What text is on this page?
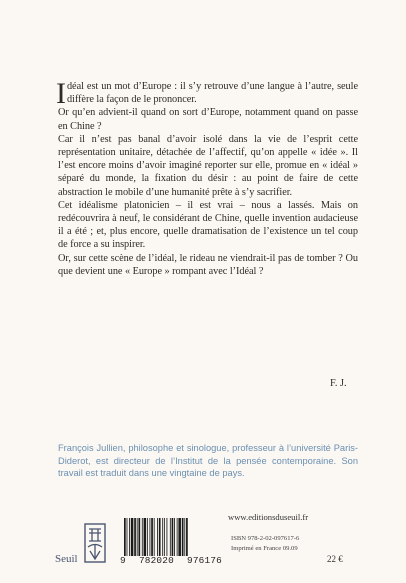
Idéal est un mot d’Europe : il s’y retrouve d’une langue à l’autre, seule diffère la façon de le prononcer.

Or qu’en advient-il quand on sort d’Europe, notamment quand on passe en Chine ?

Car il n’est pas banal d’avoir isolé dans la vie de l’esprit cette représentation unitaire, détachée de l’affectif, qu’on appelle « idée ». Il l’est encore moins d’avoir imaginé reporter sur elle, promue en « idéal » séparé du monde, la fixation du désir : au point de faire de cette abstraction le mobile d’une humanité prête à s’y sacrifier.

Cet idéalisme platonicien – il est vrai – nous a lassés. Mais on redécouvrira à neuf, le considérant de Chine, quelle invention audacieuse il a été ; et, plus encore, quelle dramatisation de l’existence un tel coup de force a su inspirer.

Or, sur cette scène de l’idéal, le rideau ne viendrait-il pas de tomber ? Ou que devient une « Europe » rompant avec l’Idéal ?

F. J.
François Jullien, philosophe et sinologue, professeur à l’université Paris-Diderot, est directeur de l’Institut de la pensée contemporaine. Son travail est traduit dans une vingtaine de pays.
Seuil	9 782020 976176
www.editionsduseuil.fr
ISBN 978-2-02-097617-6
Imprimé en France 09.09
22 €
